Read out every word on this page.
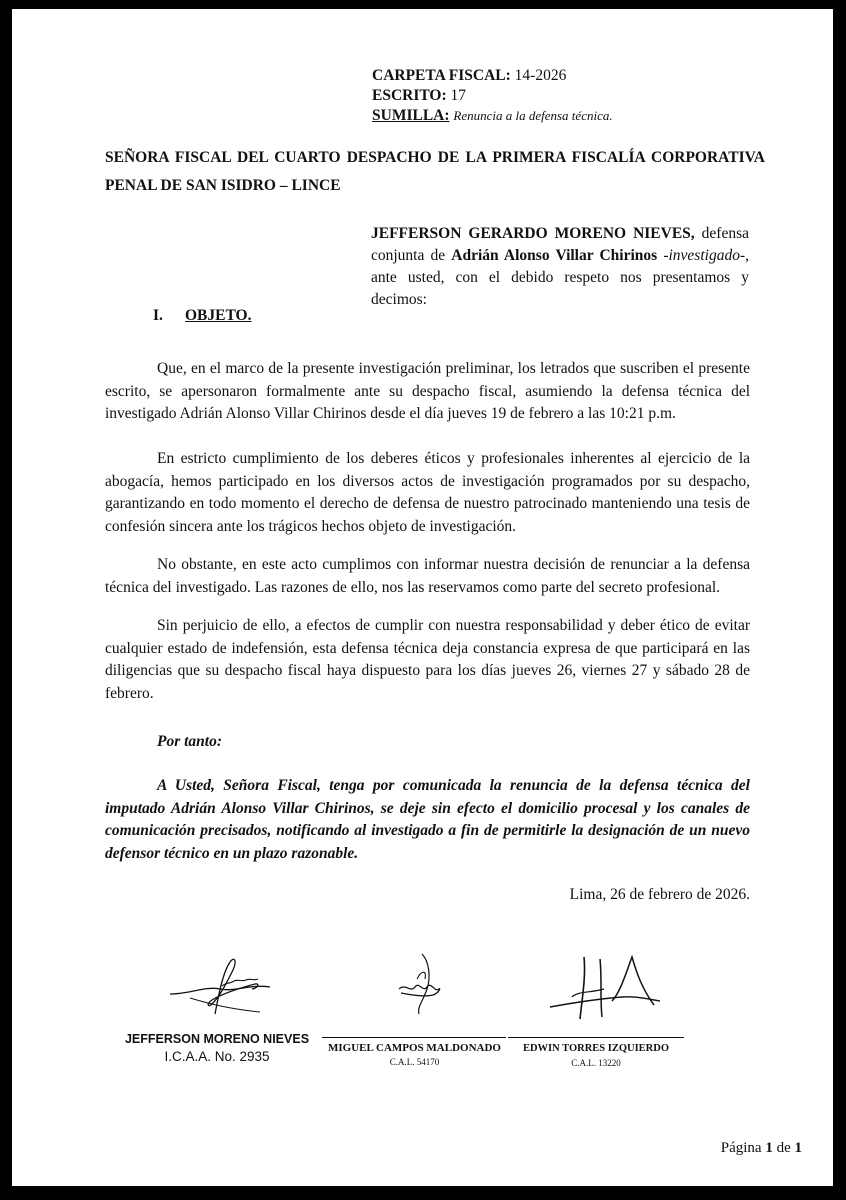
CARPETA FISCAL: 14-2026
ESCRITO: 17
SUMILLA: Renuncia a la defensa técnica.
SEÑORA FISCAL DEL CUARTO DESPACHO DE LA PRIMERA FISCALÍA CORPORATIVA PENAL DE SAN ISIDRO – LINCE
JEFFERSON GERARDO MORENO NIEVES, defensa conjunta de Adrián Alonso Villar Chirinos -investigado-, ante usted, con el debido respeto nos presentamos y decimos:
I. OBJETO.
Que, en el marco de la presente investigación preliminar, los letrados que suscriben el presente escrito, se apersonaron formalmente ante su despacho fiscal, asumiendo la defensa técnica del investigado Adrián Alonso Villar Chirinos desde el día jueves 19 de febrero a las 10:21 p.m.
En estricto cumplimiento de los deberes éticos y profesionales inherentes al ejercicio de la abogacía, hemos participado en los diversos actos de investigación programados por su despacho, garantizando en todo momento el derecho de defensa de nuestro patrocinado manteniendo una tesis de confesión sincera ante los trágicos hechos objeto de investigación.
No obstante, en este acto cumplimos con informar nuestra decisión de renunciar a la defensa técnica del investigado. Las razones de ello, nos las reservamos como parte del secreto profesional.
Sin perjuicio de ello, a efectos de cumplir con nuestra responsabilidad y deber ético de evitar cualquier estado de indefensión, esta defensa técnica deja constancia expresa de que participará en las diligencias que su despacho fiscal haya dispuesto para los días jueves 26, viernes 27 y sábado 28 de febrero.
Por tanto:
A Usted, Señora Fiscal, tenga por comunicada la renuncia de la defensa técnica del imputado Adrián Alonso Villar Chirinos, se deje sin efecto el domicilio procesal y los canales de comunicación precisados, notificando al investigado a fin de permitirle la designación de un nuevo defensor técnico en un plazo razonable.
Lima, 26 de febrero de 2026.
JEFFERSON MORENO NIEVES
I.C.A.A. No. 2935
MIGUEL CAMPOS MALDONADO
C.A.L. 54170
EDWIN TORRES IZQUIERDO
C.A.L. 13220
Página 1 de 1
